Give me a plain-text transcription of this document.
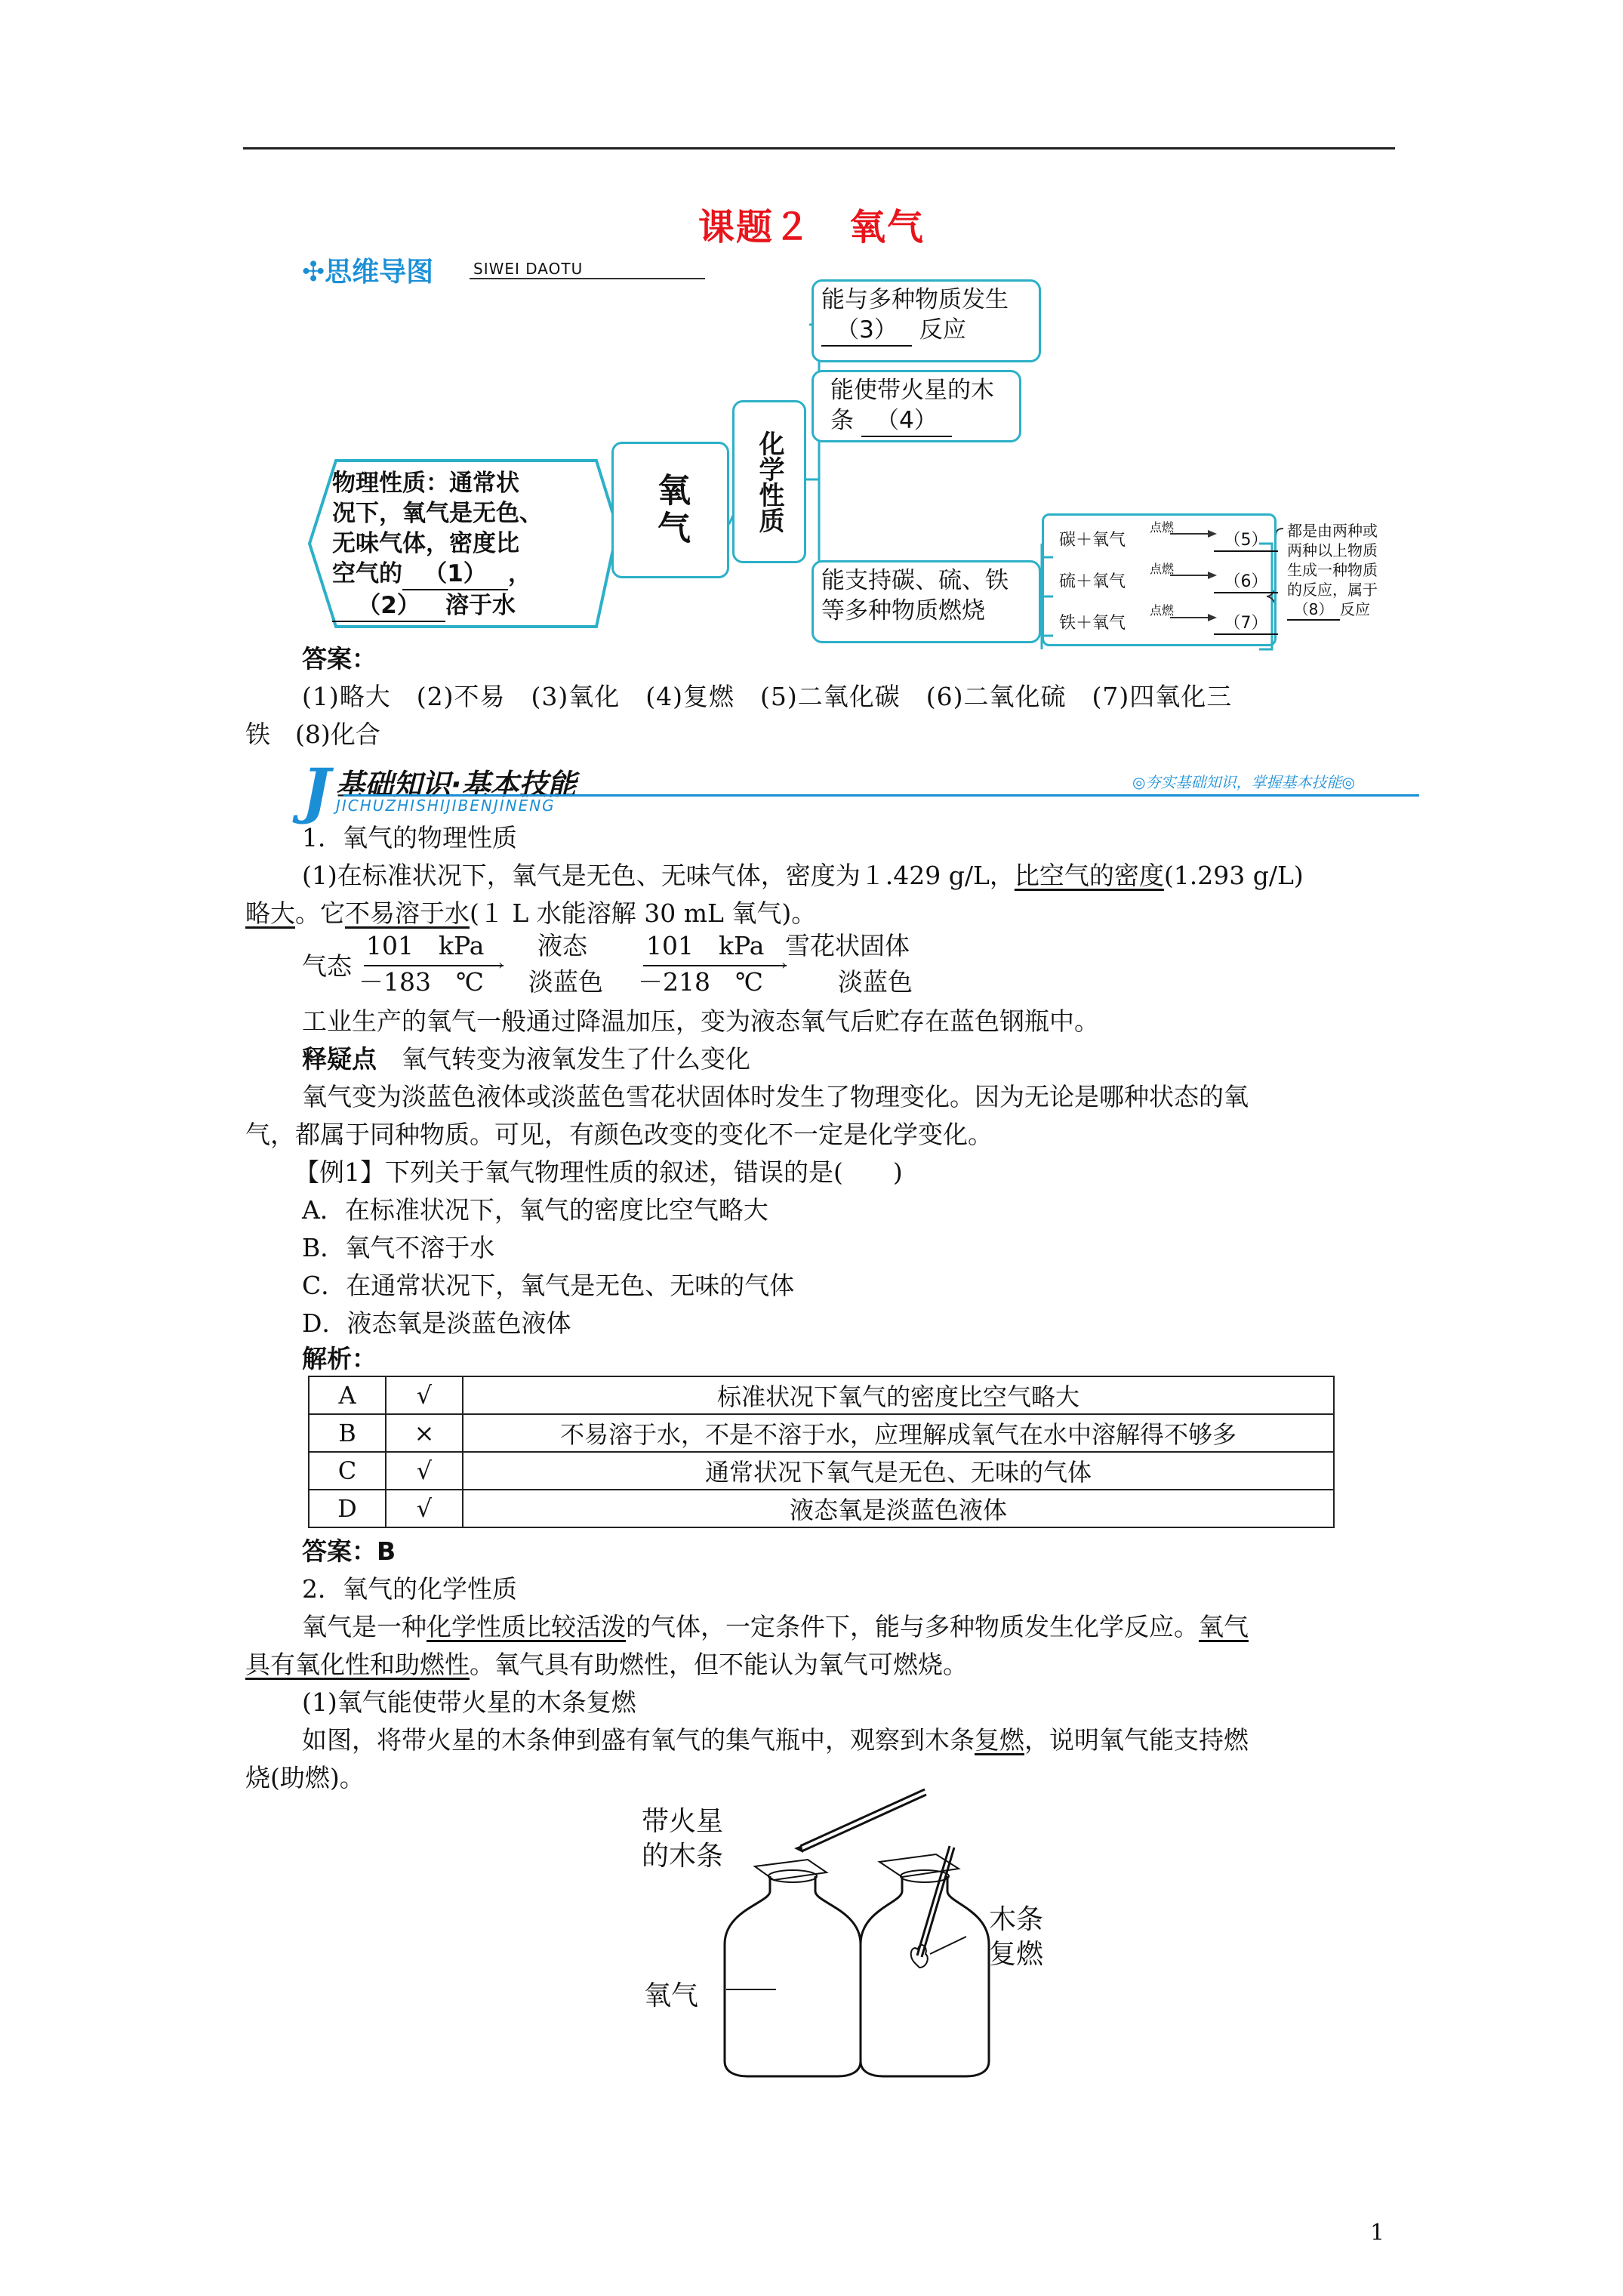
课题２　氧气
✣思维导图	SIWEI DAOTU
物理性质：通常状
况下，氧气是无色、
无味气体，密度比
空气的 （1） ，
（2） 溶于水
氧气	化学性质
能与多种物质发生
（3） 反应
能使带火星的木
条 （4）
能支持碳、硫、铁
等多种物质燃烧
碳＋氧气
点燃
（5）
硫＋氧气
点燃
（6）
铁＋氧气
点燃
（7）
都是由两种或
两种以上物质
生成一种物质
的反应，属于
（8） 反应
答案：
(1)略大　(2)不易　(3)氧化　(4)复燃　(5)二氧化碳　(6)二氧化硫　(7)四氧化三
铁　(8)化合
J 基础知识·基本技能
JICHUZHISHIJIBENJINENG
◎夯实基础知识，掌握基本技能◎
1．氧气的物理性质
(1)在标准状况下，氧气是无色、无味气体，密度为１.429 g/L，比空气的密度(1.293 g/L)
略大。它不易溶于水(１ L 水能溶解 30 mL 氧气)。
气态
101　kPa
›
－183　℃
液态
淡蓝色
101　kPa
›
－218　℃
雪花状固体
淡蓝色
工业生产的氧气一般通过降温加压，变为液态氧气后贮存在蓝色钢瓶中。
释疑点　 氧气转变为液氧发生了什么变化
氧气变为淡蓝色液体或淡蓝色雪花状固体时发生了物理变化。因为无论是哪种状态的氧
气，都属于同种物质。可见，有颜色改变的变化不一定是化学变化。
【例1】下列关于氧气物理性质的叙述，错误的是(　　)
A．在标准状况下，氧气的密度比空气略大
B．氧气不溶于水
C．在通常状况下，氧气是无色、无味的气体
D．液态氧是淡蓝色液体
解析：
A	√	标准状况下氧气的密度比空气略大
B	×	不易溶于水，不是不溶于水，应理解成氧气在水中溶解得不够多
C	√	通常状况下氧气是无色、无味的气体
D	√	液态氧是淡蓝色液体
答案：B
2．氧气的化学性质
氧气是一种化学性质比较活泼的气体，一定条件下，能与多种物质发生化学反应。氧气
具有氧化性和助燃性。氧气具有助燃性，但不能认为氧气可燃烧。
(1)氧气能使带火星的木条复燃
如图，将带火星的木条伸到盛有氧气的集气瓶中，观察到木条复燃，说明氧气能支持燃
烧(助燃)。
带火星
的木条
氧气
木条
复燃
1
